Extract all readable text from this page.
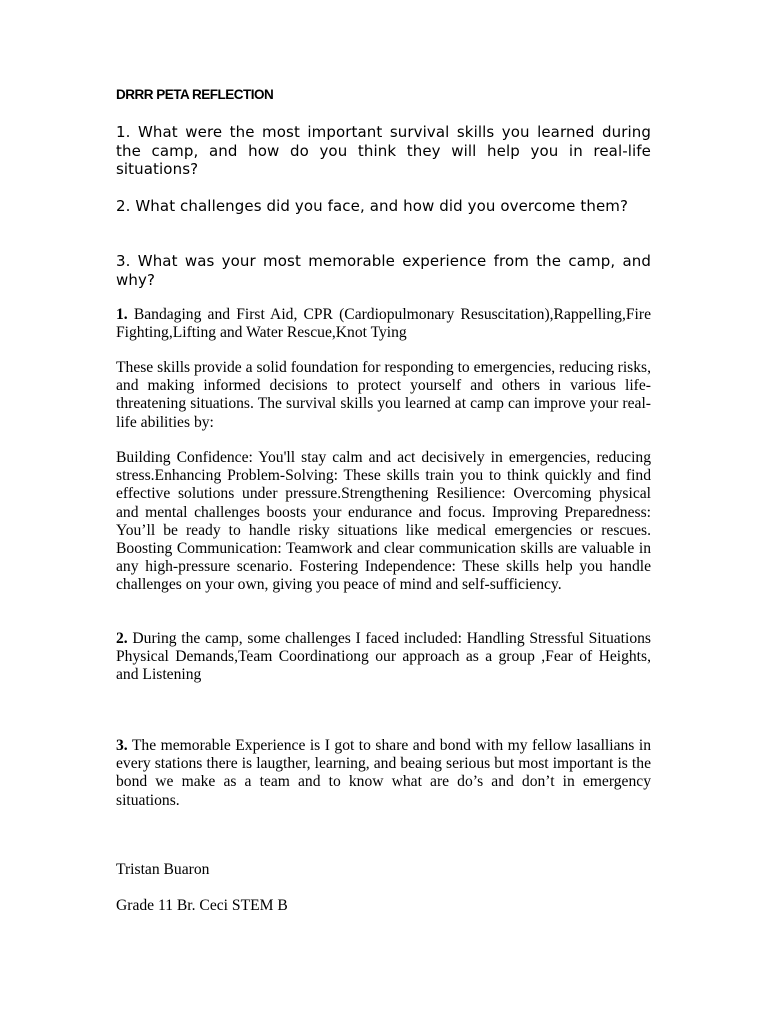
DRRR PETA REFLECTION

1. What were the most important survival skills you learned during the camp, and how do you think they will help you in real-life situations?

2. What challenges did you face, and how did you overcome them?

3. What was your most memorable experience from the camp, and why?

1. Bandaging and First Aid, CPR (Cardiopulmonary Resuscitation),Rappelling,Fire Fighting,Lifting and Water Rescue,Knot Tying

These skills provide a solid foundation for responding to emergencies, reducing risks, and making informed decisions to protect yourself and others in various life-threatening situations. The survival skills you learned at camp can improve your real-life abilities by:

Building Confidence: You'll stay calm and act decisively in emergencies, reducing stress.Enhancing Problem-Solving: These skills train you to think quickly and find effective solutions under pressure.Strengthening Resilience: Overcoming physical and mental challenges boosts your endurance and focus. Improving Preparedness: You’ll be ready to handle risky situations like medical emergencies or rescues. Boosting Communication: Teamwork and clear communication skills are valuable in any high-pressure scenario. Fostering Independence: These skills help you handle challenges on your own, giving you peace of mind and self-sufficiency.

2. During the camp, some challenges I faced included: Handling Stressful Situations Physical Demands,Team Coordinationg our approach as a group ,Fear of Heights, and Listening

3. The memorable Experience is I got to share and bond with my fellow lasallians in every stations there is laugther, learning, and beaing serious but most important is the bond we make as a team and to know what are do’s and don’t in emergency situations.

Tristan Buaron

Grade 11 Br. Ceci STEM B
